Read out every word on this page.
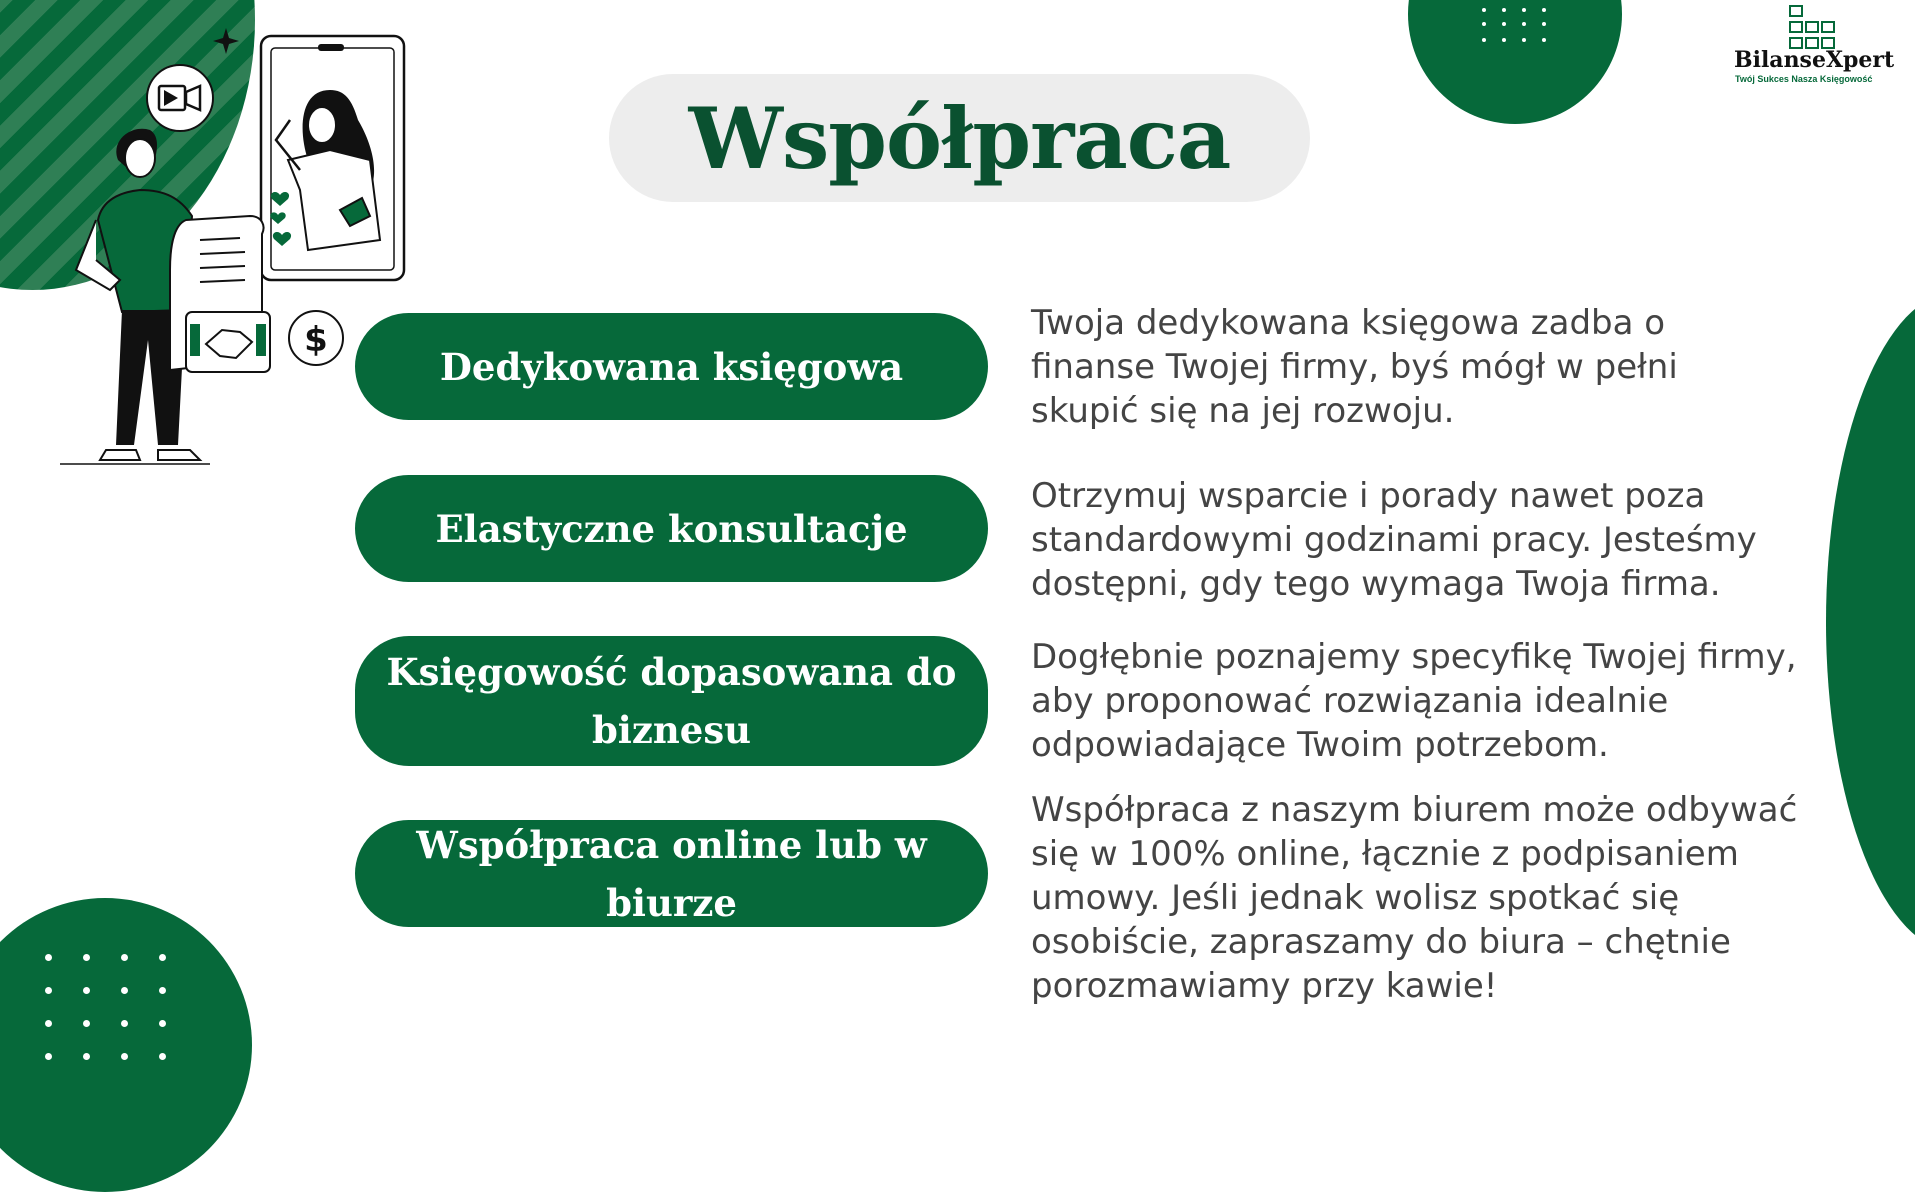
$
Współpraca
BilanseXpert
Twój Sukces Nasza Księgowość
Dedykowana księgowa
Twoja dedykowana księgowa zadba o
finanse Twojej firmy, byś mógł w pełni
skupić się na jej rozwoju.
Elastyczne konsultacje
Otrzymuj wsparcie i porady nawet poza
standardowymi godzinami pracy. Jesteśmy
dostępni, gdy tego wymaga Twoja firma.
Księgowość dopasowana do biznesu
Dogłębnie poznajemy specyfikę Twojej firmy,
aby proponować rozwiązania idealnie
odpowiadające Twoim potrzebom.
Współpraca online lub w biurze
Współpraca z naszym biurem może odbywać
się w 100% online, łącznie z podpisaniem
umowy. Jeśli jednak wolisz spotkać się
osobiście, zapraszamy do biura – chętnie
porozmawiamy przy kawie!
